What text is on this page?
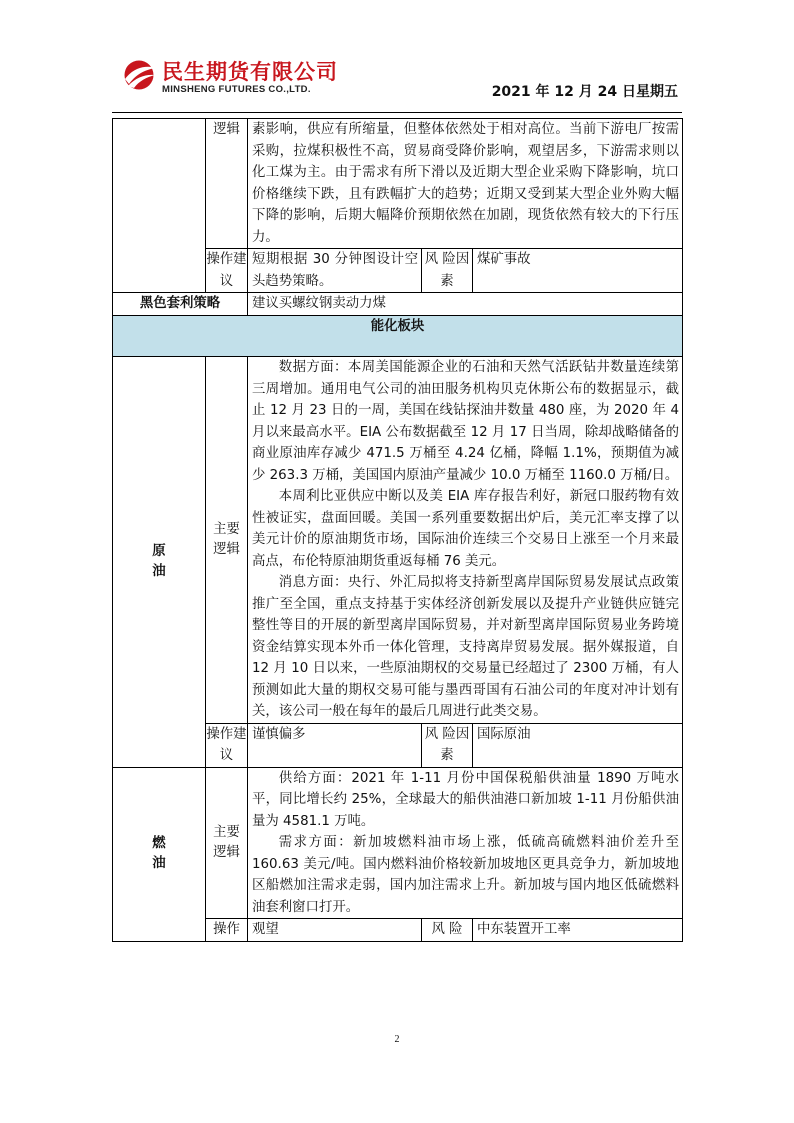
民生期货有限公司
MINSHENG FUTURES CO.,LTD.	2021 年 12 月 24 日星期五
	逻辑	素影响，供应有所缩量，但整体依然处于相对高位。当前下游电厂按需采购，拉煤积极性不高，贸易商受降价影响，观望居多，下游需求则以化工煤为主。由于需求有所下滑以及近期大型企业采购下降影响，坑口价格继续下跌，且有跌幅扩大的趋势；近期又受到某大型企业外购大幅下降的影响，后期大幅降价预期依然在加剧，现货依然有较大的下行压力。		
	操作建议	短期根据 30 分钟图设计空头趋势策略。	风 险因素	煤矿事故
黑色套利策略		建议买螺纹钢卖动力煤		
能化板块				
原油	主要逻辑	数据方面：本周美国能源企业的石油和天然气活跃钻井数量连续第三周增加。通用电气公司的油田服务机构贝克休斯公布的数据显示，截止 12 月 23 日的一周，美国在线钻探油井数量 480 座，为 2020 年 4 月以来最高水平。EIA 公布数据截至 12 月 17 日当周，除却战略储备的商业原油库存减少 471.5 万桶至 4.24 亿桶，降幅 1.1%，预期值为减少 263.3 万桶，美国国内原油产量减少 10.0 万桶至 1160.0 万桶/日。
本周利比亚供应中断以及美 EIA 库存报告利好，新冠口服药物有效性被证实，盘面回暖。美国一系列重要数据出炉后，美元汇率支撑了以美元计价的原油期货市场，国际油价连续三个交易日上涨至一个月来最高点，布伦特原油期货重返每桶 76 美元。
消息方面：央行、外汇局拟将支持新型离岸国际贸易发展试点政策推广至全国，重点支持基于实体经济创新发展以及提升产业链供应链完整性等目的开展的新型离岸国际贸易，并对新型离岸国际贸易业务跨境资金结算实现本外币一体化管理，支持离岸贸易发展。据外媒报道，自 12 月 10 日以来，一些原油期权的交易量已经超过了 2300 万桶，有人预测如此大量的期权交易可能与墨西哥国有石油公司的年度对冲计划有关，该公司一般在每年的最后几周进行此类交易。		

	操作建议	谨慎偏多	风 险因素	国际原油
燃油	主要逻辑	供给方面：2021 年 1-11 月份中国保税船供油量 1890 万吨水平，同比增长约 25%，全球最大的船供油港口新加坡 1-11 月份船供油量为 4581.1 万吨。
需求方面：新加坡燃料油市场上涨，低硫高硫燃料油价差升至 160.63 美元/吨。国内燃料油价格较新加坡地区更具竞争力，新加坡地区船燃加注需求走弱，国内加注需求上升。新加坡与国内地区低硫燃料油套利窗口打开。		

	操作	观望	风 险	中东装置开工率
2
